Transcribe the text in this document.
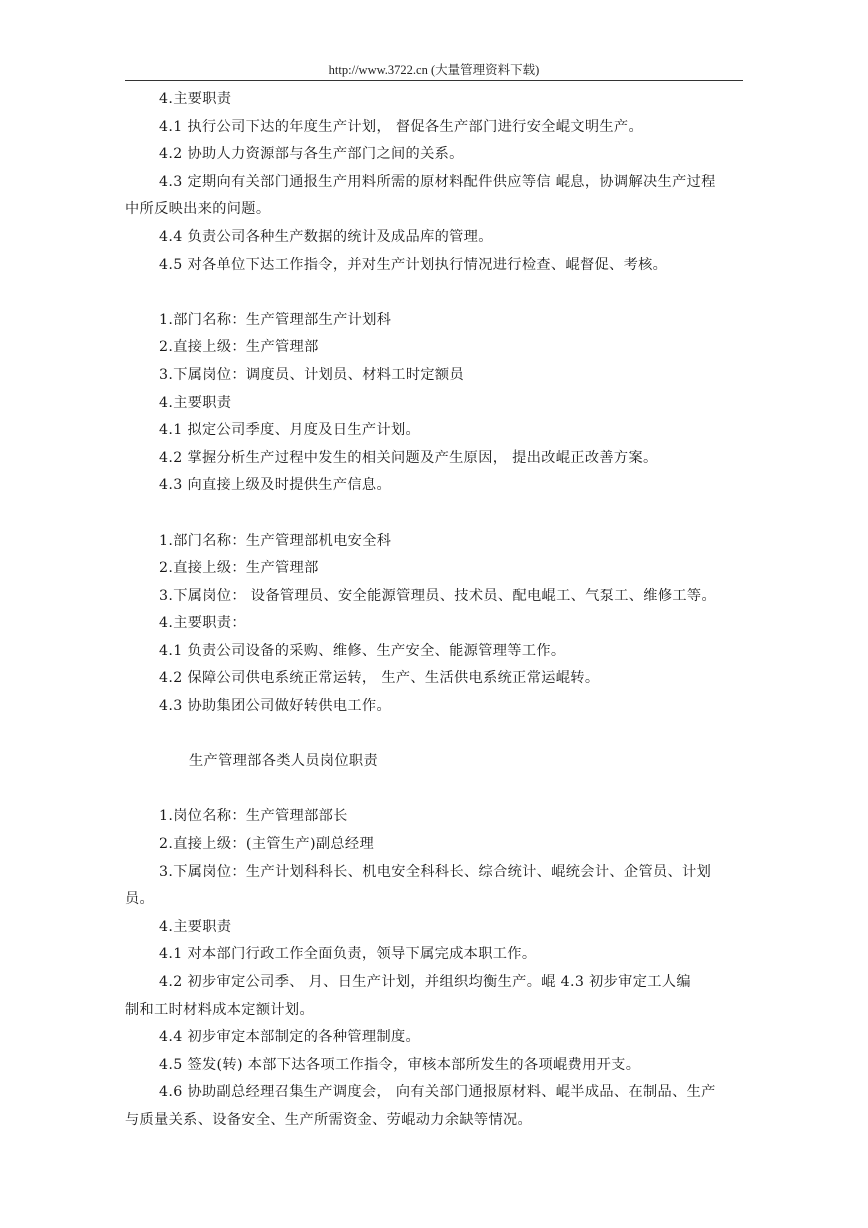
http://www.3722.cn (大量管理资料下载)
4.主要职责
4.1 执行公司下达的年度生产计划， 督促各生产部门进行安全崐文明生产。
4.2 协助人力资源部与各生产部门之间的关系。
4.3 定期向有关部门通报生产用料所需的原材料配件供应等信 崐息，协调解决生产过程
中所反映出来的问题。
4.4 负责公司各种生产数据的统计及成品库的管理。
4.5 对各单位下达工作指令，并对生产计划执行情况进行检查、崐督促、考核。
1.部门名称：生产管理部生产计划科
2.直接上级：生产管理部
3.下属岗位：调度员、计划员、材料工时定额员
4.主要职责
4.1 拟定公司季度、月度及日生产计划。
4.2 掌握分析生产过程中发生的相关问题及产生原因， 提出改崐正改善方案。
4.3 向直接上级及时提供生产信息。
1.部门名称：生产管理部机电安全科
2.直接上级：生产管理部
3.下属岗位： 设备管理员、安全能源管理员、技术员、配电崐工、气泵工、维修工等。
4.主要职责：
4.1 负责公司设备的采购、维修、生产安全、能源管理等工作。
4.2 保障公司供电系统正常运转， 生产、生活供电系统正常运崐转。
4.3 协助集团公司做好转供电工作。
生产管理部各类人员岗位职责
1.岗位名称：生产管理部部长
2.直接上级：(主管生产)副总经理
3.下属岗位：生产计划科科长、机电安全科科长、综合统计、崐统会计、企管员、计划
员。
4.主要职责
4.1 对本部门行政工作全面负责，领导下属完成本职工作。
4.2 初步审定公司季、 月、日生产计划，并组织均衡生产。崐 4.3 初步审定工人编
制和工时材料成本定额计划。
4.4 初步审定本部制定的各种管理制度。
4.5 签发(转) 本部下达各项工作指令，审核本部所发生的各项崐费用开支。
4.6 协助副总经理召集生产调度会， 向有关部门通报原材料、崐半成品、在制品、生产
与质量关系、设备安全、生产所需资金、劳崐动力余缺等情况。
